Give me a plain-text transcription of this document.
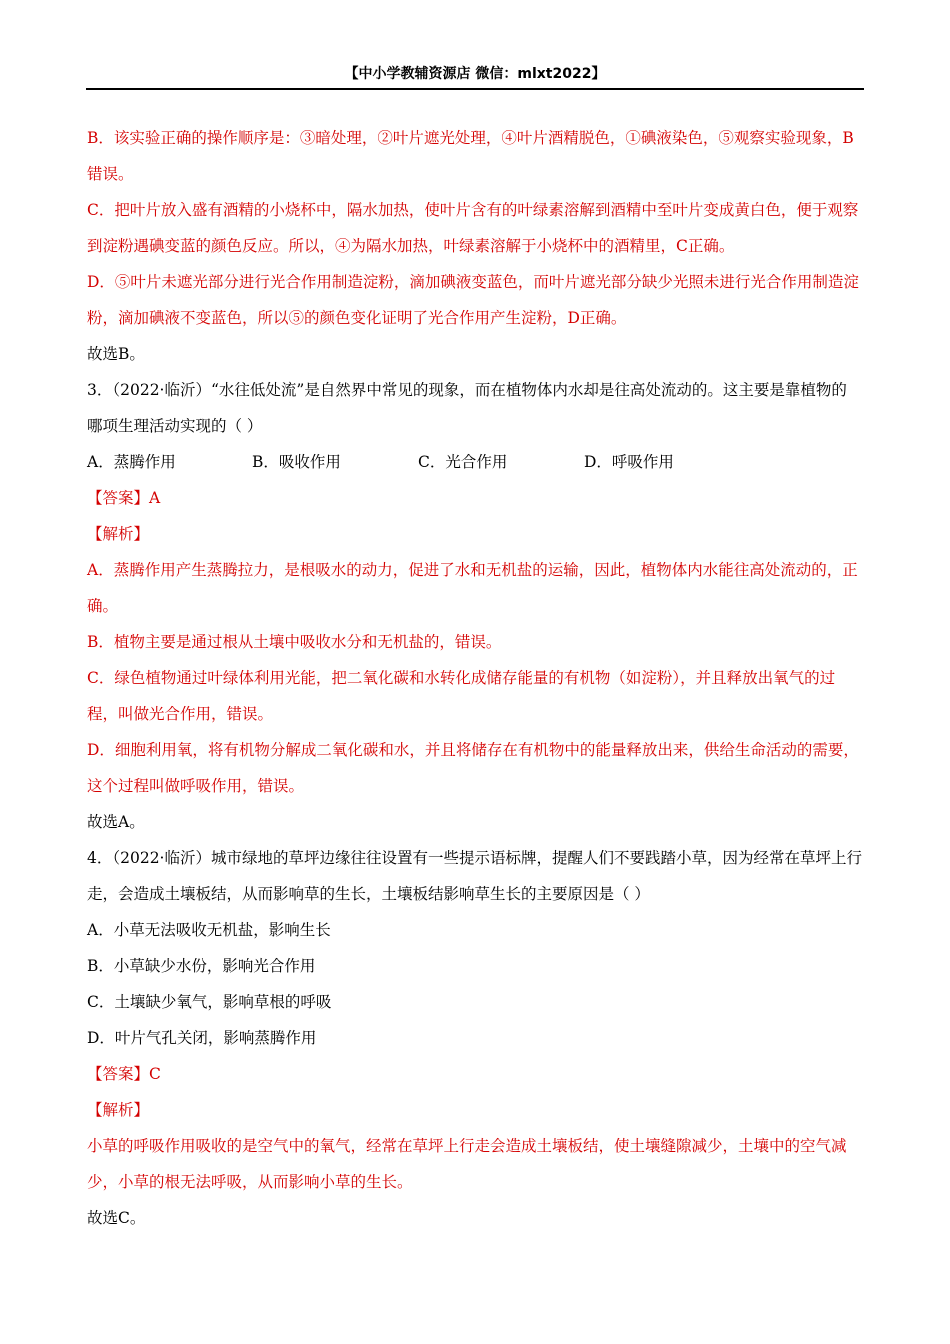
【中小学教辅资源店 微信：mlxt2022】

B．该实验正确的操作顺序是：③暗处理，②叶片遮光处理，④叶片酒精脱色，①碘液染色，⑤观察实验现象，B错误。

C．把叶片放入盛有酒精的小烧杯中，隔水加热，使叶片含有的叶绿素溶解到酒精中至叶片变成黄白色，便于观察到淀粉遇碘变蓝的颜色反应。所以，④为隔水加热，叶绿素溶解于小烧杯中的酒精里，C正确。

D．⑤叶片未遮光部分进行光合作用制造淀粉，滴加碘液变蓝色，而叶片遮光部分缺少光照未进行光合作用制造淀粉，滴加碘液不变蓝色，所以⑤的颜色变化证明了光合作用产生淀粉，D正确。

故选B。

3．（2022·临沂）“水往低处流”是自然界中常见的现象，而在植物体内水却是往高处流动的。这主要是靠植物的哪项生理活动实现的（ ）

A．蒸腾作用	B．吸收作用	C．光合作用	D．呼吸作用

【答案】A

【解析】

A．蒸腾作用产生蒸腾拉力，是根吸水的动力，促进了水和无机盐的运输，因此，植物体内水能往高处流动的，正确。

B．植物主要是通过根从土壤中吸收水分和无机盐的，错误。

C．绿色植物通过叶绿体利用光能，把二氧化碳和水转化成储存能量的有机物（如淀粉），并且释放出氧气的过程，叫做光合作用，错误。

D．细胞利用氧，将有机物分解成二氧化碳和水，并且将储存在有机物中的能量释放出来，供给生命活动的需要，这个过程叫做呼吸作用，错误。

故选A。

4．（2022·临沂）城市绿地的草坪边缘往往设置有一些提示语标牌，提醒人们不要践踏小草，因为经常在草坪上行走，会造成土壤板结，从而影响草的生长，土壤板结影响草生长的主要原因是（ ）

A．小草无法吸收无机盐，影响生长

B．小草缺少水份，影响光合作用

C．土壤缺少氧气，影响草根的呼吸

D．叶片气孔关闭，影响蒸腾作用

【答案】C

【解析】

小草的呼吸作用吸收的是空气中的氧气，经常在草坪上行走会造成土壤板结，使土壤缝隙减少，土壤中的空气减少，小草的根无法呼吸，从而影响小草的生长。

故选C。
